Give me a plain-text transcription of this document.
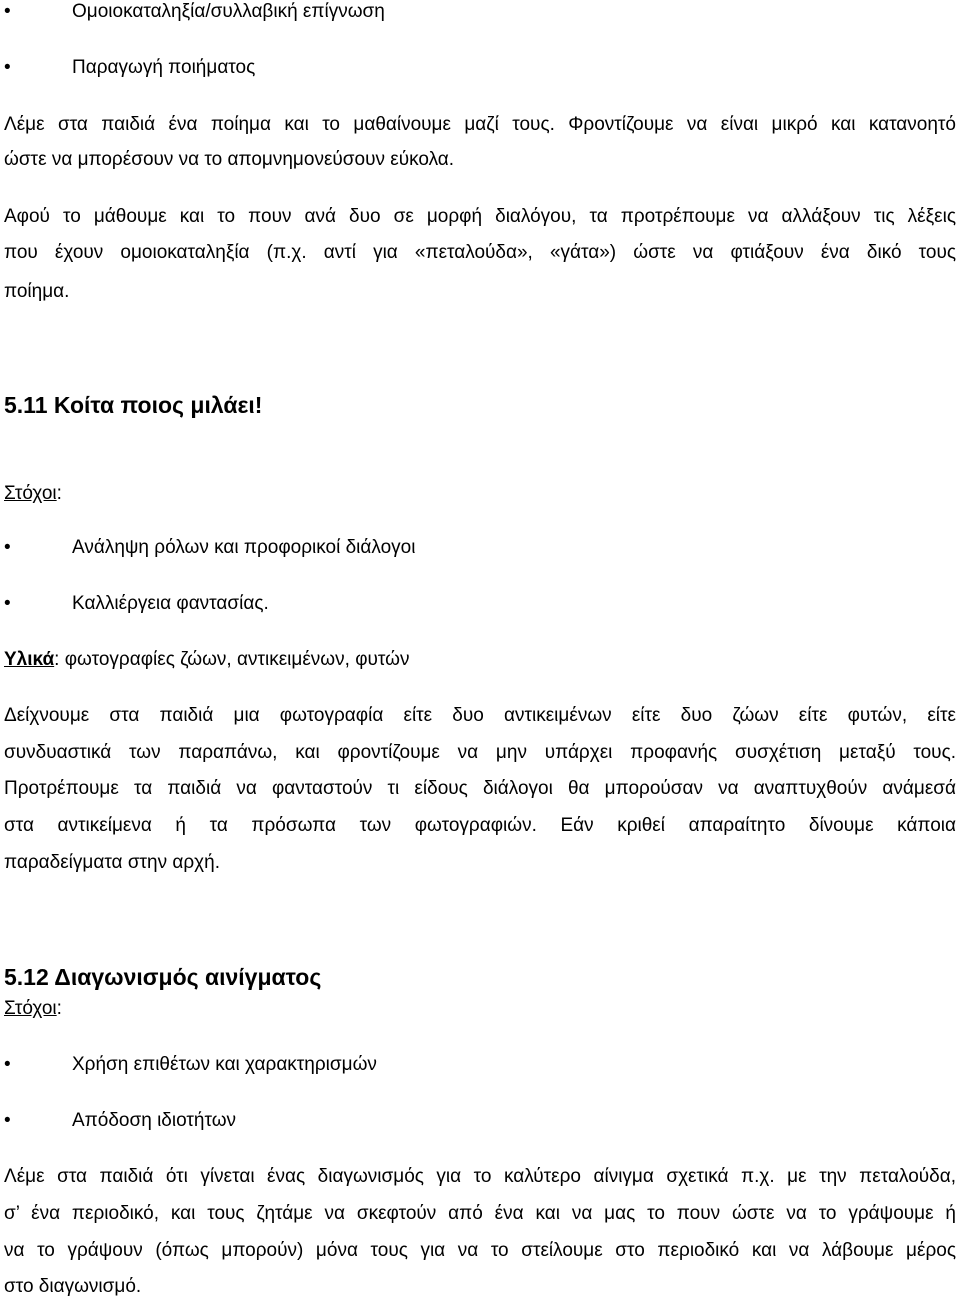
•	Ομοιοκαταληξία/συλλαβική επίγνωση
•	Παραγωγή ποιήματος
Λέμε στα παιδιά ένα ποίημα και το μαθαίνουμε μαζί τους. Φροντίζουμε να είναι μικρό και κατανοητό
ώστε να μπορέσουν να το απομνημονεύσουν εύκολα.
Αφού το μάθουμε και το πουν ανά δυο σε μορφή διαλόγου, τα προτρέπουμε να αλλάξουν τις λέξεις
που έχουν ομοιοκαταληξία (π.χ. αντί για «πεταλούδα», «γάτα») ώστε να φτιάξουν ένα δικό τους
ποίημα.
5.11 Κοίτα ποιος μιλάει!
Στόχοι:
•	Ανάληψη ρόλων και προφορικοί διάλογοι
•	Καλλιέργεια φαντασίας.
Υλικά: φωτογραφίες ζώων, αντικειμένων, φυτών
Δείχνουμε στα παιδιά μια φωτογραφία είτε δυο αντικειμένων είτε δυο ζώων είτε φυτών, είτε
συνδυαστικά των παραπάνω, και φροντίζουμε να μην υπάρχει προφανής συσχέτιση μεταξύ τους.
Προτρέπουμε τα παιδιά να φανταστούν τι είδους διάλογοι θα μπορούσαν να αναπτυχθούν ανάμεσά
στα αντικείμενα ή τα πρόσωπα των φωτογραφιών. Εάν κριθεί απαραίτητο δίνουμε κάποια
παραδείγματα στην αρχή.
5.12 Διαγωνισμός αινίγματος
Στόχοι:
•	Χρήση επιθέτων και χαρακτηρισμών
•	Απόδοση ιδιοτήτων
Λέμε στα παιδιά ότι γίνεται ένας διαγωνισμός για το καλύτερο αίνιγμα σχετικά π.χ. με την πεταλούδα,
σ’ ένα περιοδικό, και τους ζητάμε να σκεφτούν από ένα και να μας το πουν ώστε να το γράψουμε ή
να το γράψουν (όπως μπορούν) μόνα τους για να το στείλουμε στο περιοδικό και να λάβουμε μέρος
στο διαγωνισμό.
